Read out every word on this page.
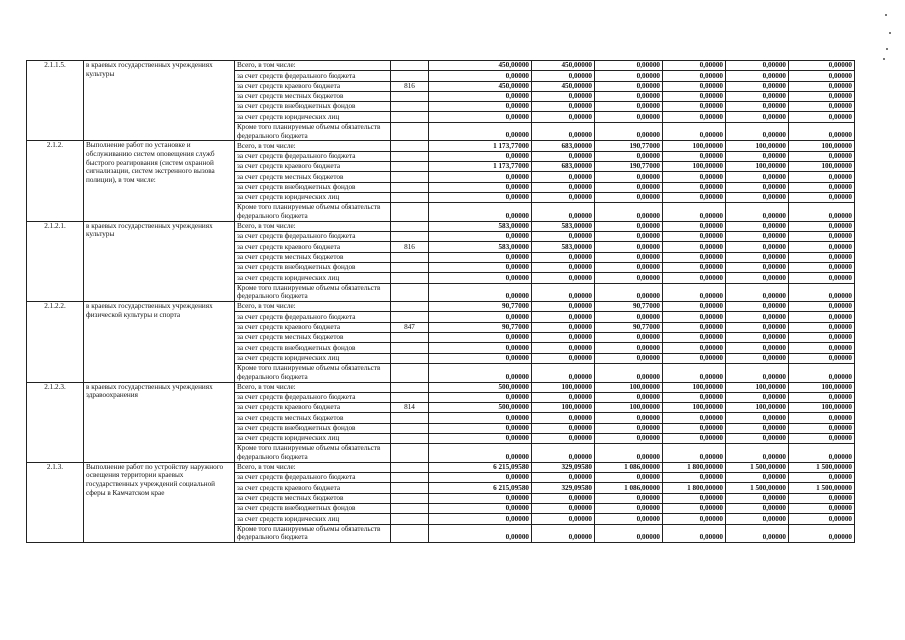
2.1.1.5.	в краевых государственных учреждениях культуры	Всего, в том числе:		450,00000	450,00000	0,00000	0,00000	0,00000	0,00000
		за счет средств федерального бюджета		0,00000	0,00000	0,00000	0,00000	0,00000	0,00000
		за счет средств краевого бюджета	816	450,00000	450,00000	0,00000	0,00000	0,00000	0,00000
		за счет средств местных бюджетов		0,00000	0,00000	0,00000	0,00000	0,00000	0,00000
		за счет средств внебюджетных фондов		0,00000	0,00000	0,00000	0,00000	0,00000	0,00000
		за счет средств юридических лиц		0,00000	0,00000	0,00000	0,00000	0,00000	0,00000
		Кроме того планируемые объемы обязательств федерального бюджета		0,00000	0,00000	0,00000	0,00000	0,00000	0,00000
2.1.2.	Выполнение работ по установке и обслуживанию систем оповещения служб быстрого реагирования (систем охранной сигнализации, систем экстренного вызова полиции), в том числе:	Всего, в том числе:		1 173,77000	683,00000	190,77000	100,00000	100,00000	100,00000
		за счет средств федерального бюджета		0,00000	0,00000	0,00000	0,00000	0,00000	0,00000
		за счет средств краевого бюджета		1 173,77000	683,00000	190,77000	100,00000	100,00000	100,00000
		за счет средств местных бюджетов		0,00000	0,00000	0,00000	0,00000	0,00000	0,00000
		за счет средств внебюджетных фондов		0,00000	0,00000	0,00000	0,00000	0,00000	0,00000
		за счет средств юридических лиц		0,00000	0,00000	0,00000	0,00000	0,00000	0,00000
		Кроме того планируемые объемы обязательств федерального бюджета		0,00000	0,00000	0,00000	0,00000	0,00000	0,00000
2.1.2.1.	в краевых государственных учреждениях культуры	Всего, в том числе:		583,00000	583,00000	0,00000	0,00000	0,00000	0,00000
		за счет средств федерального бюджета		0,00000	0,00000	0,00000	0,00000	0,00000	0,00000
		за счет средств краевого бюджета	816	583,00000	583,00000	0,00000	0,00000	0,00000	0,00000
		за счет средств местных бюджетов		0,00000	0,00000	0,00000	0,00000	0,00000	0,00000
		за счет средств внебюджетных фондов		0,00000	0,00000	0,00000	0,00000	0,00000	0,00000
		за счет средств юридических лиц		0,00000	0,00000	0,00000	0,00000	0,00000	0,00000
		Кроме того планируемые объемы обязательств федерального бюджета		0,00000	0,00000	0,00000	0,00000	0,00000	0,00000
2.1.2.2.	в краевых государственных учреждениях физической культуры и спорта	Всего, в том числе:		90,77000	0,00000	90,77000	0,00000	0,00000	0,00000
		за счет средств федерального бюджета		0,00000	0,00000	0,00000	0,00000	0,00000	0,00000
		за счет средств краевого бюджета	847	90,77000	0,00000	90,77000	0,00000	0,00000	0,00000
		за счет средств местных бюджетов		0,00000	0,00000	0,00000	0,00000	0,00000	0,00000
		за счет средств внебюджетных фондов		0,00000	0,00000	0,00000	0,00000	0,00000	0,00000
		за счет средств юридических лиц		0,00000	0,00000	0,00000	0,00000	0,00000	0,00000
		Кроме того планируемые объемы обязательств федерального бюджета		0,00000	0,00000	0,00000	0,00000	0,00000	0,00000
2.1.2.3.	в краевых государственных учреждениях здравоохранения	Всего, в том числе:		500,00000	100,00000	100,00000	100,00000	100,00000	100,00000
		за счет средств федерального бюджета		0,00000	0,00000	0,00000	0,00000	0,00000	0,00000
		за счет средств краевого бюджета	814	500,00000	100,00000	100,00000	100,00000	100,00000	100,00000
		за счет средств местных бюджетов		0,00000	0,00000	0,00000	0,00000	0,00000	0,00000
		за счет средств внебюджетных фондов		0,00000	0,00000	0,00000	0,00000	0,00000	0,00000
		за счет средств юридических лиц		0,00000	0,00000	0,00000	0,00000	0,00000	0,00000
		Кроме того планируемые объемы обязательств федерального бюджета		0,00000	0,00000	0,00000	0,00000	0,00000	0,00000
2.1.3.	Выполнение работ по устройству наружного освещения территории краевых государственных учреждений социальной сферы в Камчатском крае	Всего, в том числе:		6 215,09580	329,09580	1 086,00000	1 800,00000	1 500,00000	1 500,00000
		за счет средств федерального бюджета		0,00000	0,00000	0,00000	0,00000	0,00000	0,00000
		за счет средств краевого бюджета		6 215,09580	329,09580	1 086,00000	1 800,00000	1 500,00000	1 500,00000
		за счет средств местных бюджетов		0,00000	0,00000	0,00000	0,00000	0,00000	0,00000
		за счет средств внебюджетных фондов		0,00000	0,00000	0,00000	0,00000	0,00000	0,00000
		за счет средств юридических лиц		0,00000	0,00000	0,00000	0,00000	0,00000	0,00000
		Кроме того планируемые объемы обязательств федерального бюджета		0,00000	0,00000	0,00000	0,00000	0,00000	0,00000
